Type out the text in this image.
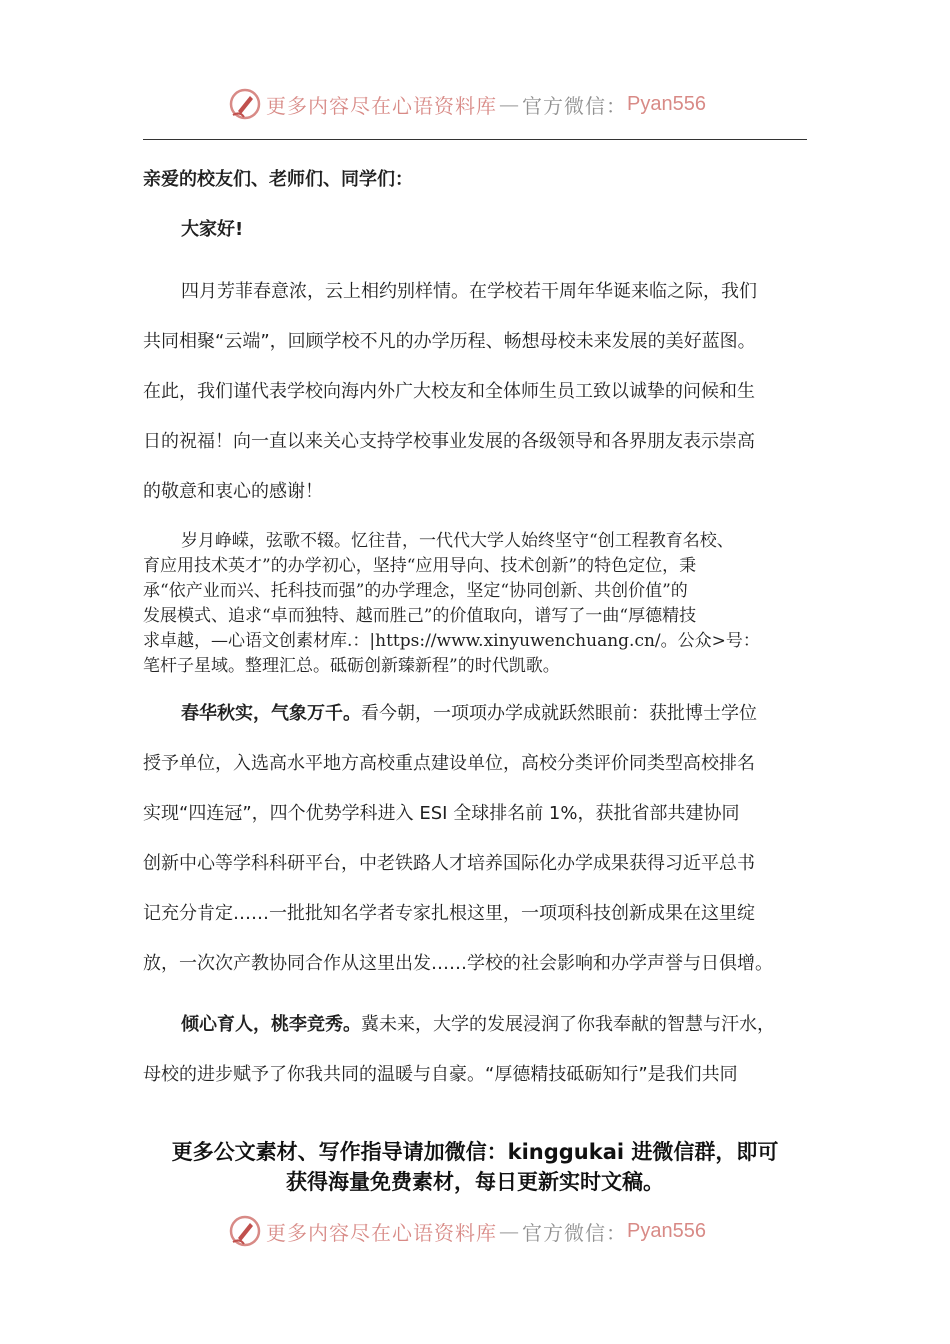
更多内容尽在心语资料库 — 官方微信： Pyan556
亲爱的校友们、老师们、同学们：
大家好!
四月芳菲春意浓，云上相约别样情。在学校若干周年华诞来临之际，我们
共同相聚“云端”，回顾学校不凡的办学历程、畅想母校未来发展的美好蓝图。
在此，我们谨代表学校向海内外广大校友和全体师生员工致以诚挚的问候和生
日的祝福！向一直以来关心支持学校事业发展的各级领导和各界朋友表示崇高
的敬意和衷心的感谢！
岁月峥嵘，弦歌不辍。忆往昔，一代代大学人始终坚守“创工程教育名校、
育应用技术英才”的办学初心，坚持“应用导向、技术创新”的特色定位，秉
承“依产业而兴、托科技而强”的办学理念，坚定“协同创新、共创价值”的
发展模式、追求“卓而独特、越而胜己”的价值取向，谱写了一曲“厚德精技
求卓越，—心语文创素材库.：|https://www.xinyuwenchuang.cn/。公众>号：
笔杆子星域。整理汇总。砥砺创新臻新程”的时代凯歌。
春华秋实，气象万千。看今朝，一项项办学成就跃然眼前：获批博士学位
授予单位，入选高水平地方高校重点建设单位，高校分类评价同类型高校排名
实现“四连冠”，四个优势学科进入 ESI 全球排名前 1%，获批省部共建协同
创新中心等学科科研平台，中老铁路人才培养国际化办学成果获得习近平总书
记充分肯定……一批批知名学者专家扎根这里，一项项科技创新成果在这里绽
放，一次次产教协同合作从这里出发……学校的社会影响和办学声誉与日俱增。
倾心育人，桃李竞秀。冀未来，大学的发展浸润了你我奉献的智慧与汗水，
母校的进步赋予了你我共同的温暖与自豪。“厚德精技砥砺知行”是我们共同
更多公文素材、写作指导请加微信：kinggukai 进微信群，即可
获得海量免费素材，每日更新实时文稿。
更多内容尽在心语资料库 — 官方微信： Pyan556
